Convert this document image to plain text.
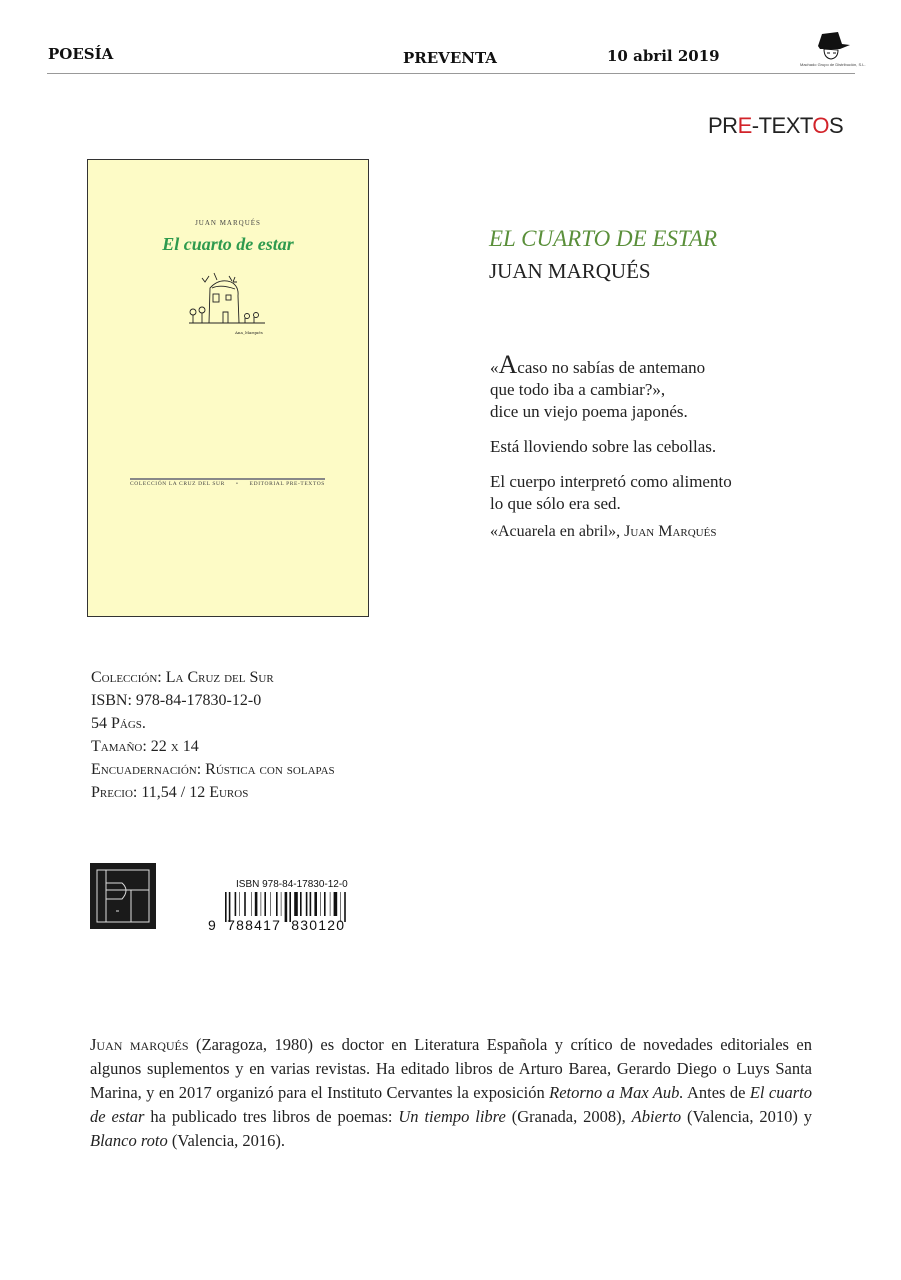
POESÍA	PREVENTA	10 abril 2019	Machado Grupo de Distribución, S.L.
PRE-TEXTOS
JUAN MARQUÉS
El cuarto de estar
Ana_Marqués
COLECCIÓN LA CRUZ DEL SUR • EDITORIAL PRE-TEXTOS
EL CUARTO DE ESTAR
JUAN MARQUÉS

«Acaso no sabías de antemano
que todo iba a cambiar?»,
dice un viejo poema japonés.

Está lloviendo sobre las cebollas.

El cuerpo interpretó como alimento
lo que sólo era sed.

«Acuarela en abril», Juan Marqués
Colección: La Cruz del Sur
ISBN: 978-84-17830-12-0
54 Págs.
Tamaño: 22 x 14
Encuadernación: Rústica con solapas
Precio: 11,54 / 12 Euros
ISBN 978-84-17830-12-0
9  788417  830120
Juan marqués (Zaragoza, 1980) es doctor en Literatura Española y crítico de novedades editoriales en algunos suplementos y en varias revistas. Ha editado libros de Arturo Barea, Gerardo Diego o Luys Santa Marina, y en 2017 organizó para el Instituto Cervantes la exposición Retorno a Max Aub. Antes de El cuarto de estar ha publicado tres libros de poemas: Un tiempo libre (Granada, 2008), Abierto (Valencia, 2010) y Blanco roto (Valencia, 2016).
